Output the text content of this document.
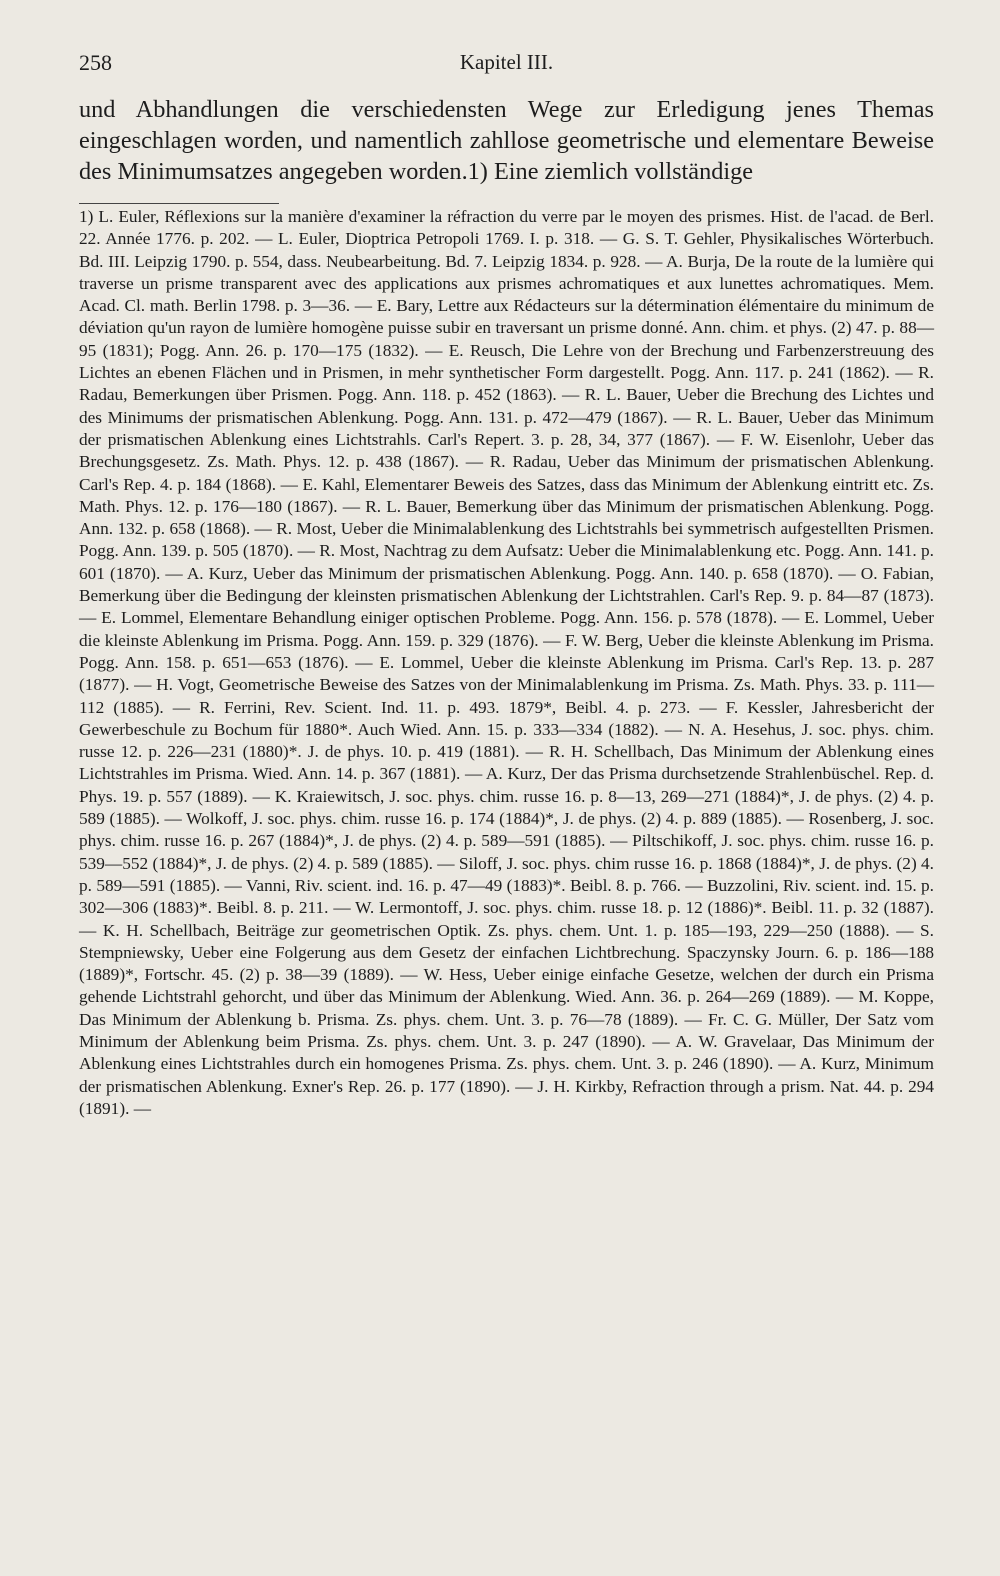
258	Kapitel III.

und Abhandlungen die verschiedensten Wege zur Erledigung jenes Themas eingeschlagen worden, und namentlich zahllose geometrische und elementare Beweise des Minimumsatzes angegeben worden.1) Eine ziemlich vollständige

1) L. Euler, Réflexions sur la manière d'examiner la réfraction du verre par le moyen des prismes. Hist. de l'acad. de Berl. 22. Année 1776. p. 202. — L. Euler, Dioptrica Petropoli 1769. I. p. 318. — G. S. T. Gehler, Physikalisches Wörterbuch. Bd. III. Leipzig 1790. p. 554, dass. Neubearbeitung. Bd. 7. Leipzig 1834. p. 928. — A. Burja, De la route de la lumière qui traverse un prisme transparent avec des applications aux prismes achromatiques et aux lunettes achromatiques. Mem. Acad. Cl. math. Berlin 1798. p. 3—36. — E. Bary, Lettre aux Rédacteurs sur la détermination élémentaire du minimum de déviation qu'un rayon de lumière homogène puisse subir en traversant un prisme donné. Ann. chim. et phys. (2) 47. p. 88—95 (1831); Pogg. Ann. 26. p. 170—175 (1832). — E. Reusch, Die Lehre von der Brechung und Farbenzerstreuung des Lichtes an ebenen Flächen und in Prismen, in mehr synthetischer Form dargestellt. Pogg. Ann. 117. p. 241 (1862). — R. Radau, Bemerkungen über Prismen. Pogg. Ann. 118. p. 452 (1863). — R. L. Bauer, Ueber die Brechung des Lichtes und des Minimums der prismatischen Ablenkung. Pogg. Ann. 131. p. 472—479 (1867). — R. L. Bauer, Ueber das Minimum der prismatischen Ablenkung eines Lichtstrahls. Carl's Repert. 3. p. 28, 34, 377 (1867). — F. W. Eisenlohr, Ueber das Brechungsgesetz. Zs. Math. Phys. 12. p. 438 (1867). — R. Radau, Ueber das Minimum der prismatischen Ablenkung. Carl's Rep. 4. p. 184 (1868). — E. Kahl, Elementarer Beweis des Satzes, dass das Minimum der Ablenkung eintritt etc. Zs. Math. Phys. 12. p. 176—180 (1867). — R. L. Bauer, Bemerkung über das Minimum der prismatischen Ablenkung. Pogg. Ann. 132. p. 658 (1868). — R. Most, Ueber die Minimalablenkung des Lichtstrahls bei symmetrisch aufgestellten Prismen. Pogg. Ann. 139. p. 505 (1870). — R. Most, Nachtrag zu dem Aufsatz: Ueber die Minimalablenkung etc. Pogg. Ann. 141. p. 601 (1870). — A. Kurz, Ueber das Minimum der prismatischen Ablenkung. Pogg. Ann. 140. p. 658 (1870). — O. Fabian, Bemerkung über die Bedingung der kleinsten prismatischen Ablenkung der Lichtstrahlen. Carl's Rep. 9. p. 84—87 (1873). — E. Lommel, Elementare Behandlung einiger optischen Probleme. Pogg. Ann. 156. p. 578 (1878). — E. Lommel, Ueber die kleinste Ablenkung im Prisma. Pogg. Ann. 159. p. 329 (1876). — F. W. Berg, Ueber die kleinste Ablenkung im Prisma. Pogg. Ann. 158. p. 651—653 (1876). — E. Lommel, Ueber die kleinste Ablenkung im Prisma. Carl's Rep. 13. p. 287 (1877). — H. Vogt, Geometrische Beweise des Satzes von der Minimalablenkung im Prisma. Zs. Math. Phys. 33. p. 111—112 (1885). — R. Ferrini, Rev. Scient. Ind. 11. p. 493. 1879*, Beibl. 4. p. 273. — F. Kessler, Jahresbericht der Gewerbeschule zu Bochum für 1880*. Auch Wied. Ann. 15. p. 333—334 (1882). — N. A. Hesehus, J. soc. phys. chim. russe 12. p. 226—231 (1880)*. J. de phys. 10. p. 419 (1881). — R. H. Schellbach, Das Minimum der Ablenkung eines Lichtstrahles im Prisma. Wied. Ann. 14. p. 367 (1881). — A. Kurz, Der das Prisma durchsetzende Strahlenbüschel. Rep. d. Phys. 19. p. 557 (1889). — K. Kraiewitsch, J. soc. phys. chim. russe 16. p. 8—13, 269—271 (1884)*, J. de phys. (2) 4. p. 589 (1885). — Wolkoff, J. soc. phys. chim. russe 16. p. 174 (1884)*, J. de phys. (2) 4. p. 889 (1885). — Rosenberg, J. soc. phys. chim. russe 16. p. 267 (1884)*, J. de phys. (2) 4. p. 589—591 (1885). — Piltschikoff, J. soc. phys. chim. russe 16. p. 539—552 (1884)*, J. de phys. (2) 4. p. 589 (1885). — Siloff, J. soc. phys. chim russe 16. p. 1868 (1884)*, J. de phys. (2) 4. p. 589—591 (1885). — Vanni, Riv. scient. ind. 16. p. 47—49 (1883)*. Beibl. 8. p. 766. — Buzzolini, Riv. scient. ind. 15. p. 302—306 (1883)*. Beibl. 8. p. 211. — W. Lermontoff, J. soc. phys. chim. russe 18. p. 12 (1886)*. Beibl. 11. p. 32 (1887). — K. H. Schellbach, Beiträge zur geometrischen Optik. Zs. phys. chem. Unt. 1. p. 185—193, 229—250 (1888). — S. Stempniewsky, Ueber eine Folgerung aus dem Gesetz der einfachen Lichtbrechung. Spaczynsky Journ. 6. p. 186—188 (1889)*, Fortschr. 45. (2) p. 38—39 (1889). — W. Hess, Ueber einige einfache Gesetze, welchen der durch ein Prisma gehende Lichtstrahl gehorcht, und über das Minimum der Ablenkung. Wied. Ann. 36. p. 264—269 (1889). — M. Koppe, Das Minimum der Ablenkung b. Prisma. Zs. phys. chem. Unt. 3. p. 76—78 (1889). — Fr. C. G. Müller, Der Satz vom Minimum der Ablenkung beim Prisma. Zs. phys. chem. Unt. 3. p. 247 (1890). — A. W. Gravelaar, Das Minimum der Ablenkung eines Lichtstrahles durch ein homogenes Prisma. Zs. phys. chem. Unt. 3. p. 246 (1890). — A. Kurz, Minimum der prismatischen Ablenkung. Exner's Rep. 26. p. 177 (1890). — J. H. Kirkby, Refraction through a prism. Nat. 44. p. 294 (1891). —
